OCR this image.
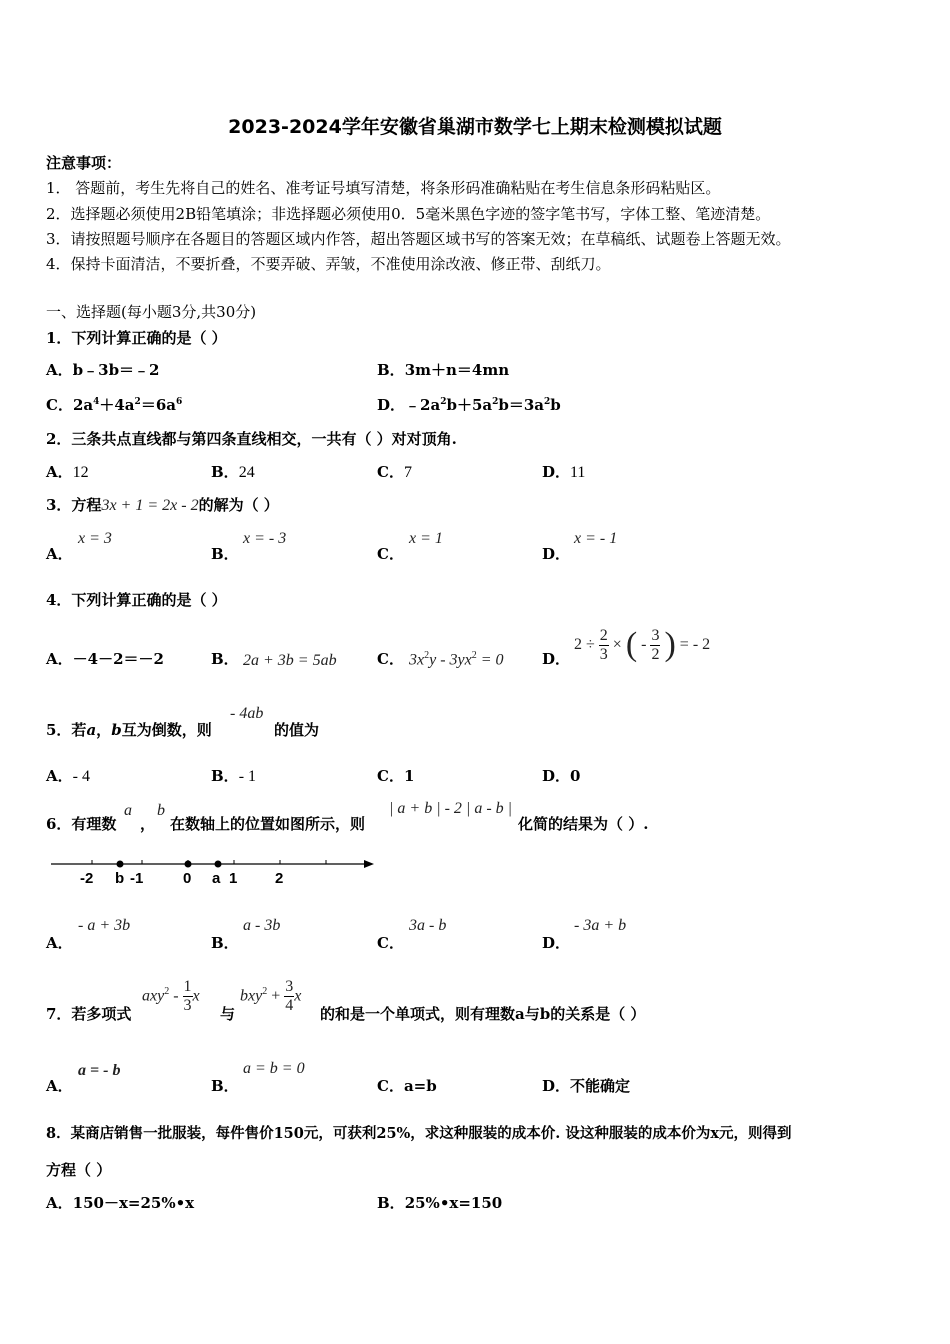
2023-2024学年安徽省巢湖市数学七上期末检测模拟试题
注意事项：
1． 答题前，考生先将自己的姓名、准考证号填写清楚，将条形码准确粘贴在考生信息条形码粘贴区。
2．选择题必须使用2B铅笔填涂；非选择题必须使用0．5毫米黑色字迹的签字笔书写，字体工整、笔迹清楚。
3．请按照题号顺序在各题目的答题区域内作答，超出答题区域书写的答案无效；在草稿纸、试题卷上答题无效。
4．保持卡面清洁，不要折叠，不要弄破、弄皱，不准使用涂改液、修正带、刮纸刀。
一、选择题(每小题3分,共30分)
1．下列计算正确的是（ ）
A．b﹣3b＝﹣2	B．3m＋n＝4mn
C．$2a^4+4a^2=6a^6$	D．$﹣2a^2b+5a^2b=3a^2b$
2．三条共点直线都与第四条直线相交，一共有（ ）对对顶角.
A．12	B．24	C．7	D．11
3．方程3x + 1 = 2x - 2的解为（ ）
A．
x = 3
B．
x = - 3
C．
x = 1
D．
x = - 1
4．下列计算正确的是（ ）
A．－4－2＝－2	B． 2a + 3b = 5ab	C． $3x^2y - 3yx^2 = 0$	D．
$2 \div \frac{2}{3}$ × ( - $\frac{3}{2}$ ) = - 2
5．若a，b互为倒数，则
- 4ab
的值为
A．- 4	B．- 1	C．1	D．0
6．有理数
a
，
b
在数轴上的位置如图所示，则
| a + b | - 2 | a - b |
化简的结果为（ ）.
-2 b -1	0 a 1	2
A．
- a + 3b
B．
a - 3b
C．
3a - b
D．
- 3a + b
7．若多项式
$axy^2 - \frac{1}{3}$ x
与
$bxy^2 + \frac{3}{4}$ x
的和是一个单项式，则有理数a与b的关系是（ ）
A．
a = - b
B．
a = b = 0
C．a=b	D．不能确定
8．某商店销售一批服装，每件售价150元，可获利25%，求这种服装的成本价. 设这种服装的成本价为x元，则得到
方程（ ）
A．150－x=25%•x	B．25%•x=150
